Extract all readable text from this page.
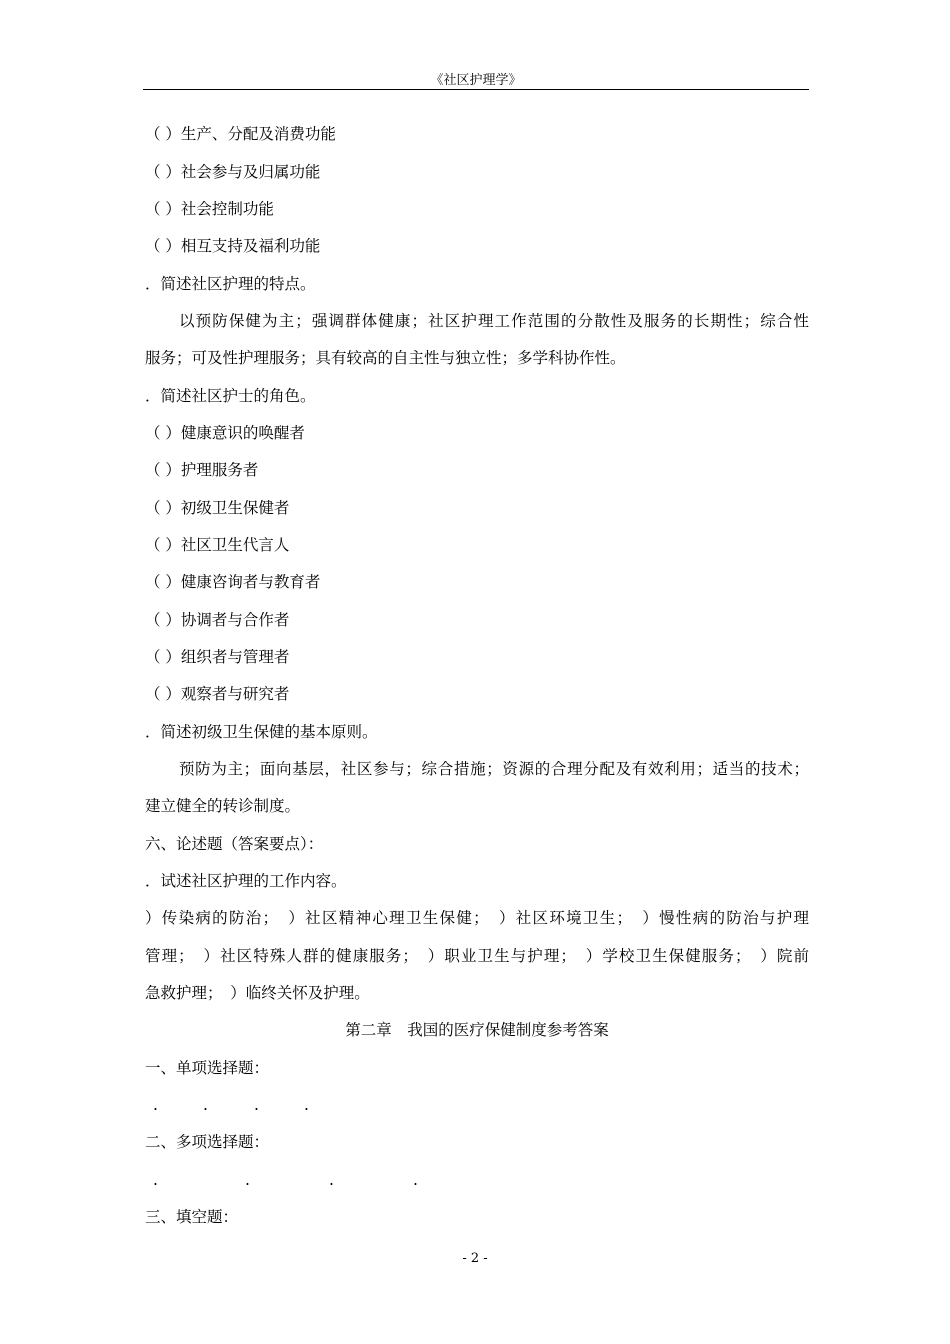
《社区护理学》
（ ）生产、分配及消费功能
（ ）社会参与及归属功能
（ ）社会控制功能
（ ）相互支持及福利功能
．简述社区护理的特点。
以预防保健为主；强调群体健康；社区护理工作范围的分散性及服务的长期性；综合性
服务；可及性护理服务；具有较高的自主性与独立性；多学科协作性。
．简述社区护士的角色。
（ ）健康意识的唤醒者
（ ）护理服务者
（ ）初级卫生保健者
（ ）社区卫生代言人
（ ）健康咨询者与教育者
（ ）协调者与合作者
（ ）组织者与管理者
（ ）观察者与研究者
．简述初级卫生保健的基本原则。
预防为主；面向基层，社区参与；综合措施；资源的合理分配及有效利用；适当的技术；
建立健全的转诊制度。
六、论述题（答案要点）：
．试述社区护理的工作内容。
）传染病的防治；　）社区精神心理卫生保健；　）社区环境卫生；　）慢性病的防治与护理
管理；　）社区特殊人群的健康服务；　）职业卫生与护理；　）学校卫生保健服务；　）院前
急救护理；　）临终关怀及护理。
第二章　我国的医疗保健制度参考答案
一、单项选择题：
.	.	.	.
二、多项选择题：
.	.	.	.
三、填空题：
- 2 -
